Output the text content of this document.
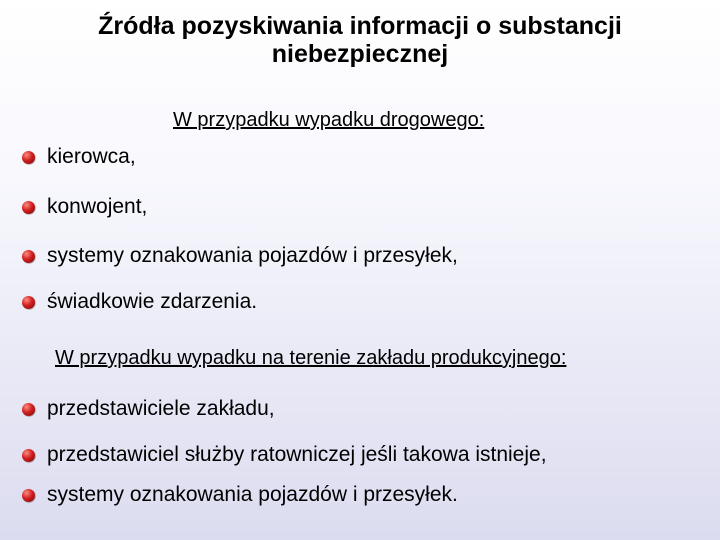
Źródła pozyskiwania informacji o substancji
niebezpiecznej
W przypadku wypadku drogowego:
kierowca,
konwojent,
systemy oznakowania pojazdów i przesyłek,
świadkowie zdarzenia.
W przypadku wypadku na terenie zakładu produkcyjnego:
przedstawiciele zakładu,
przedstawiciel służby ratowniczej jeśli takowa istnieje,
systemy oznakowania pojazdów i przesyłek.
